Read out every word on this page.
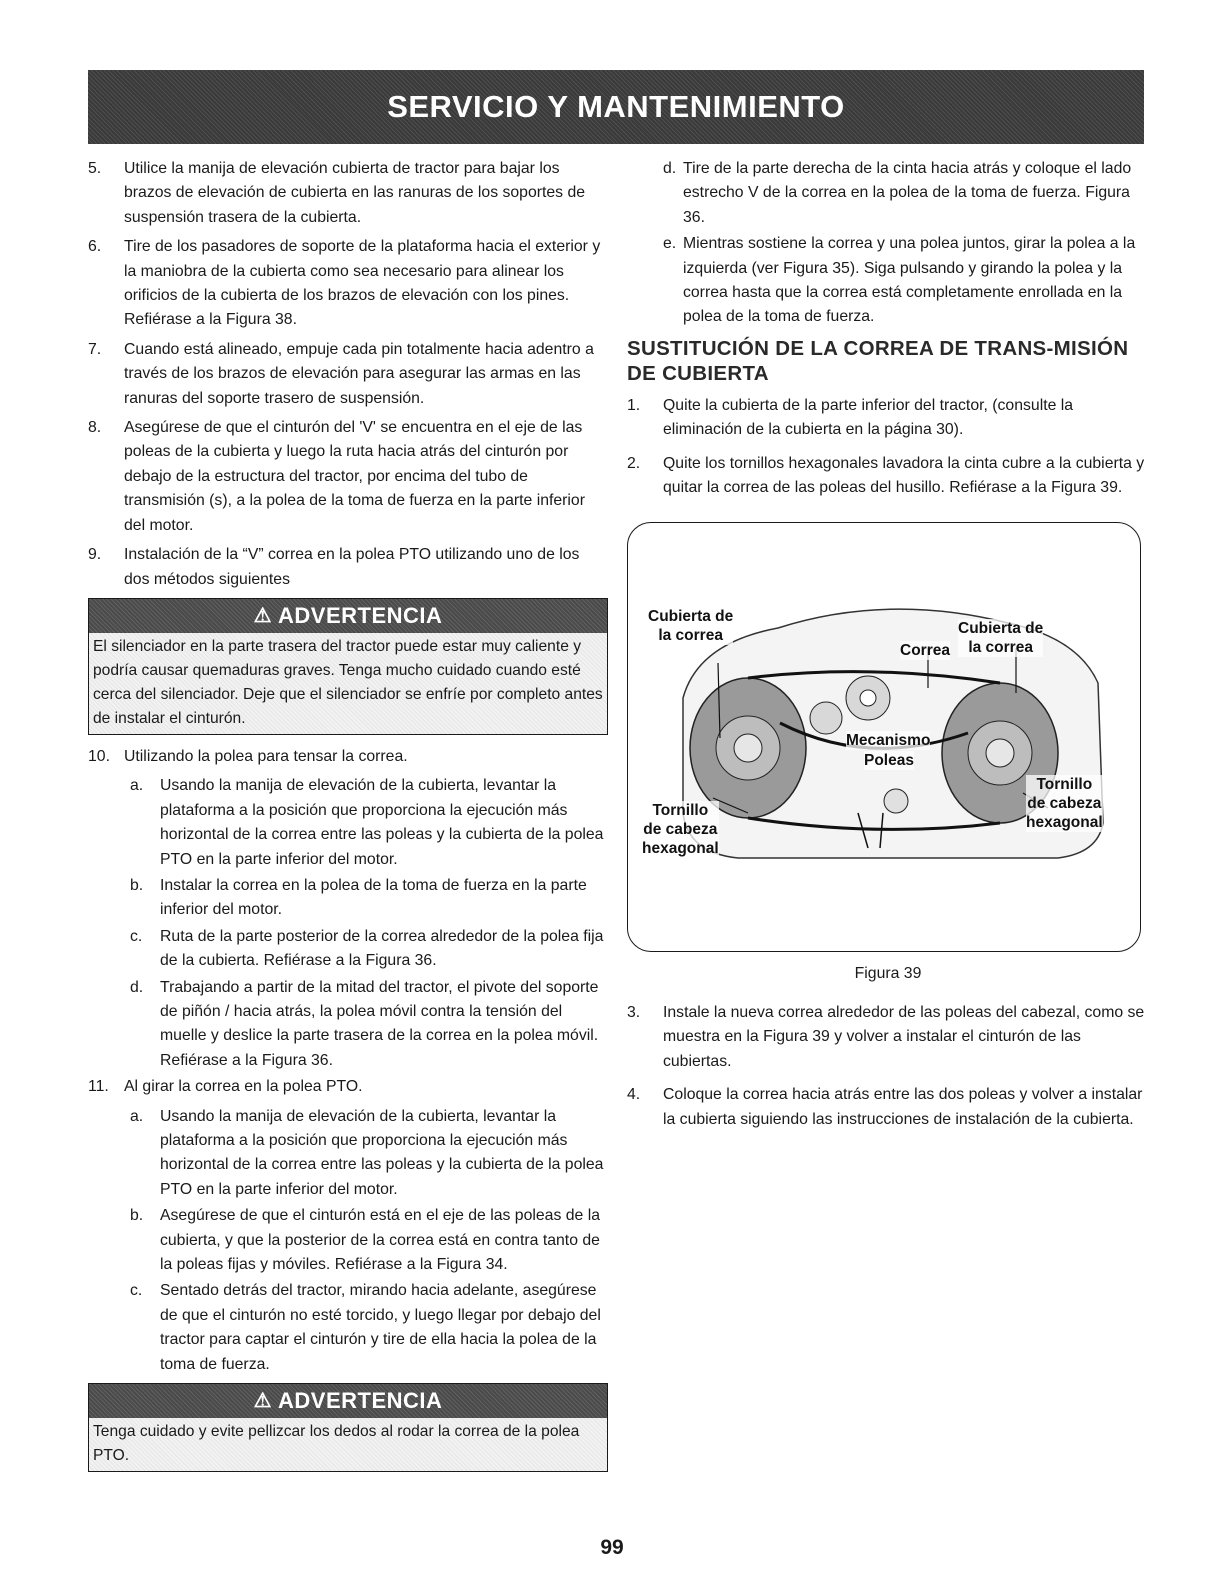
SERVICIO Y MANTENIMIENTO
5. Utilice la manija de elevación cubierta de tractor para bajar los brazos de elevación de cubierta en las ranuras de los soportes de suspensión trasera de la cubierta.
6. Tire de los pasadores de soporte de la plataforma hacia el exterior y la maniobra de la cubierta como sea necesario para alinear los orificios de la cubierta de los brazos de elevación con los pines. Refiérase a la Figura 38.
7. Cuando está alineado, empuje cada pin totalmente hacia adentro a través de los brazos de elevación para asegurar las armas en las ranuras del soporte trasero de suspensión.
8. Asegúrese de que el cinturón del 'V' se encuentra en el eje de las poleas de la cubierta y luego la ruta hacia atrás del cinturón por debajo de la estructura del tractor, por encima del tubo de transmisión (s), a la polea de la toma de fuerza en la parte inferior del motor.
9. Instalación de la “V” correa en la polea PTO utilizando uno de los dos métodos siguientes
⚠ ADVERTENCIA
El silenciador en la parte trasera del tractor puede estar muy caliente y podría causar quemaduras graves. Tenga mucho cuidado cuando esté cerca del silenciador. Deje que el silenciador se enfríe por completo antes de instalar el cinturón.
10. Utilizando la polea para tensar la correa.
a. Usando la manija de elevación de la cubierta, levantar la plataforma a la posición que proporciona la ejecución más horizontal de la correa entre las poleas y la cubierta de la polea PTO en la parte inferior del motor.
b. Instalar la correa en la polea de la toma de fuerza en la parte inferior del motor.
c. Ruta de la parte posterior de la correa alrededor de la polea fija de la cubierta. Refiérase a la Figura 36.
d. Trabajando a partir de la mitad del tractor, el pivote del soporte de piñón / hacia atrás, la polea móvil contra la tensión del muelle y deslice la parte trasera de la correa en la polea móvil. Refiérase a la Figura 36.
11. Al girar la correa en la polea PTO.
a. Usando la manija de elevación de la cubierta, levantar la plataforma a la posición que proporciona la ejecución más horizontal de la correa entre las poleas y la cubierta de la polea PTO en la parte inferior del motor.
b. Asegúrese de que el cinturón está en el eje de las poleas de la cubierta, y que la posterior de la correa está en contra tanto de la poleas fijas y móviles. Refiérase a la Figura 34.
c. Sentado detrás del tractor, mirando hacia adelante, asegúrese de que el cinturón no esté torcido, y luego llegar por debajo del tractor para captar el cinturón y tire de ella hacia la polea de la toma de fuerza.
⚠ ADVERTENCIA
Tenga cuidado y evite pellizcar los dedos al rodar la correa de la polea PTO.
d. Tire de la parte derecha de la cinta hacia atrás y coloque el lado estrecho V de la correa en la polea de la toma de fuerza. Figura 36.
e. Mientras sostiene la correa y una polea juntos, girar la polea a la izquierda (ver Figura 35). Siga pulsando y girando la polea y la correa hasta que la correa está completamente enrollada en la polea de la toma de fuerza.
SUSTITUCIÓN DE LA CORREA DE TRANS-MISIÓN DE CUBIERTA
1. Quite la cubierta de la parte inferior del tractor, (consulte la eliminación de la cubierta en la página 30).
2. Quite los tornillos hexagonales lavadora la cinta cubre a la cubierta y quitar la correa de las poleas del husillo. Refiérase a la Figura 39.
Cubierta de
la correa	Cubierta de
la correa
Correa
Mecanismo
Poleas
Tornillo
de cabeza
hexagonal
Tornillo
de cabeza
hexagonal
Figura 39
3. Instale la nueva correa alrededor de las poleas del cabezal, como se muestra en la Figura 39 y volver a instalar el cinturón de las cubiertas.
4. Coloque la correa hacia atrás entre las dos poleas y volver a instalar la cubierta siguiendo las instrucciones de instalación de la cubierta.
99
